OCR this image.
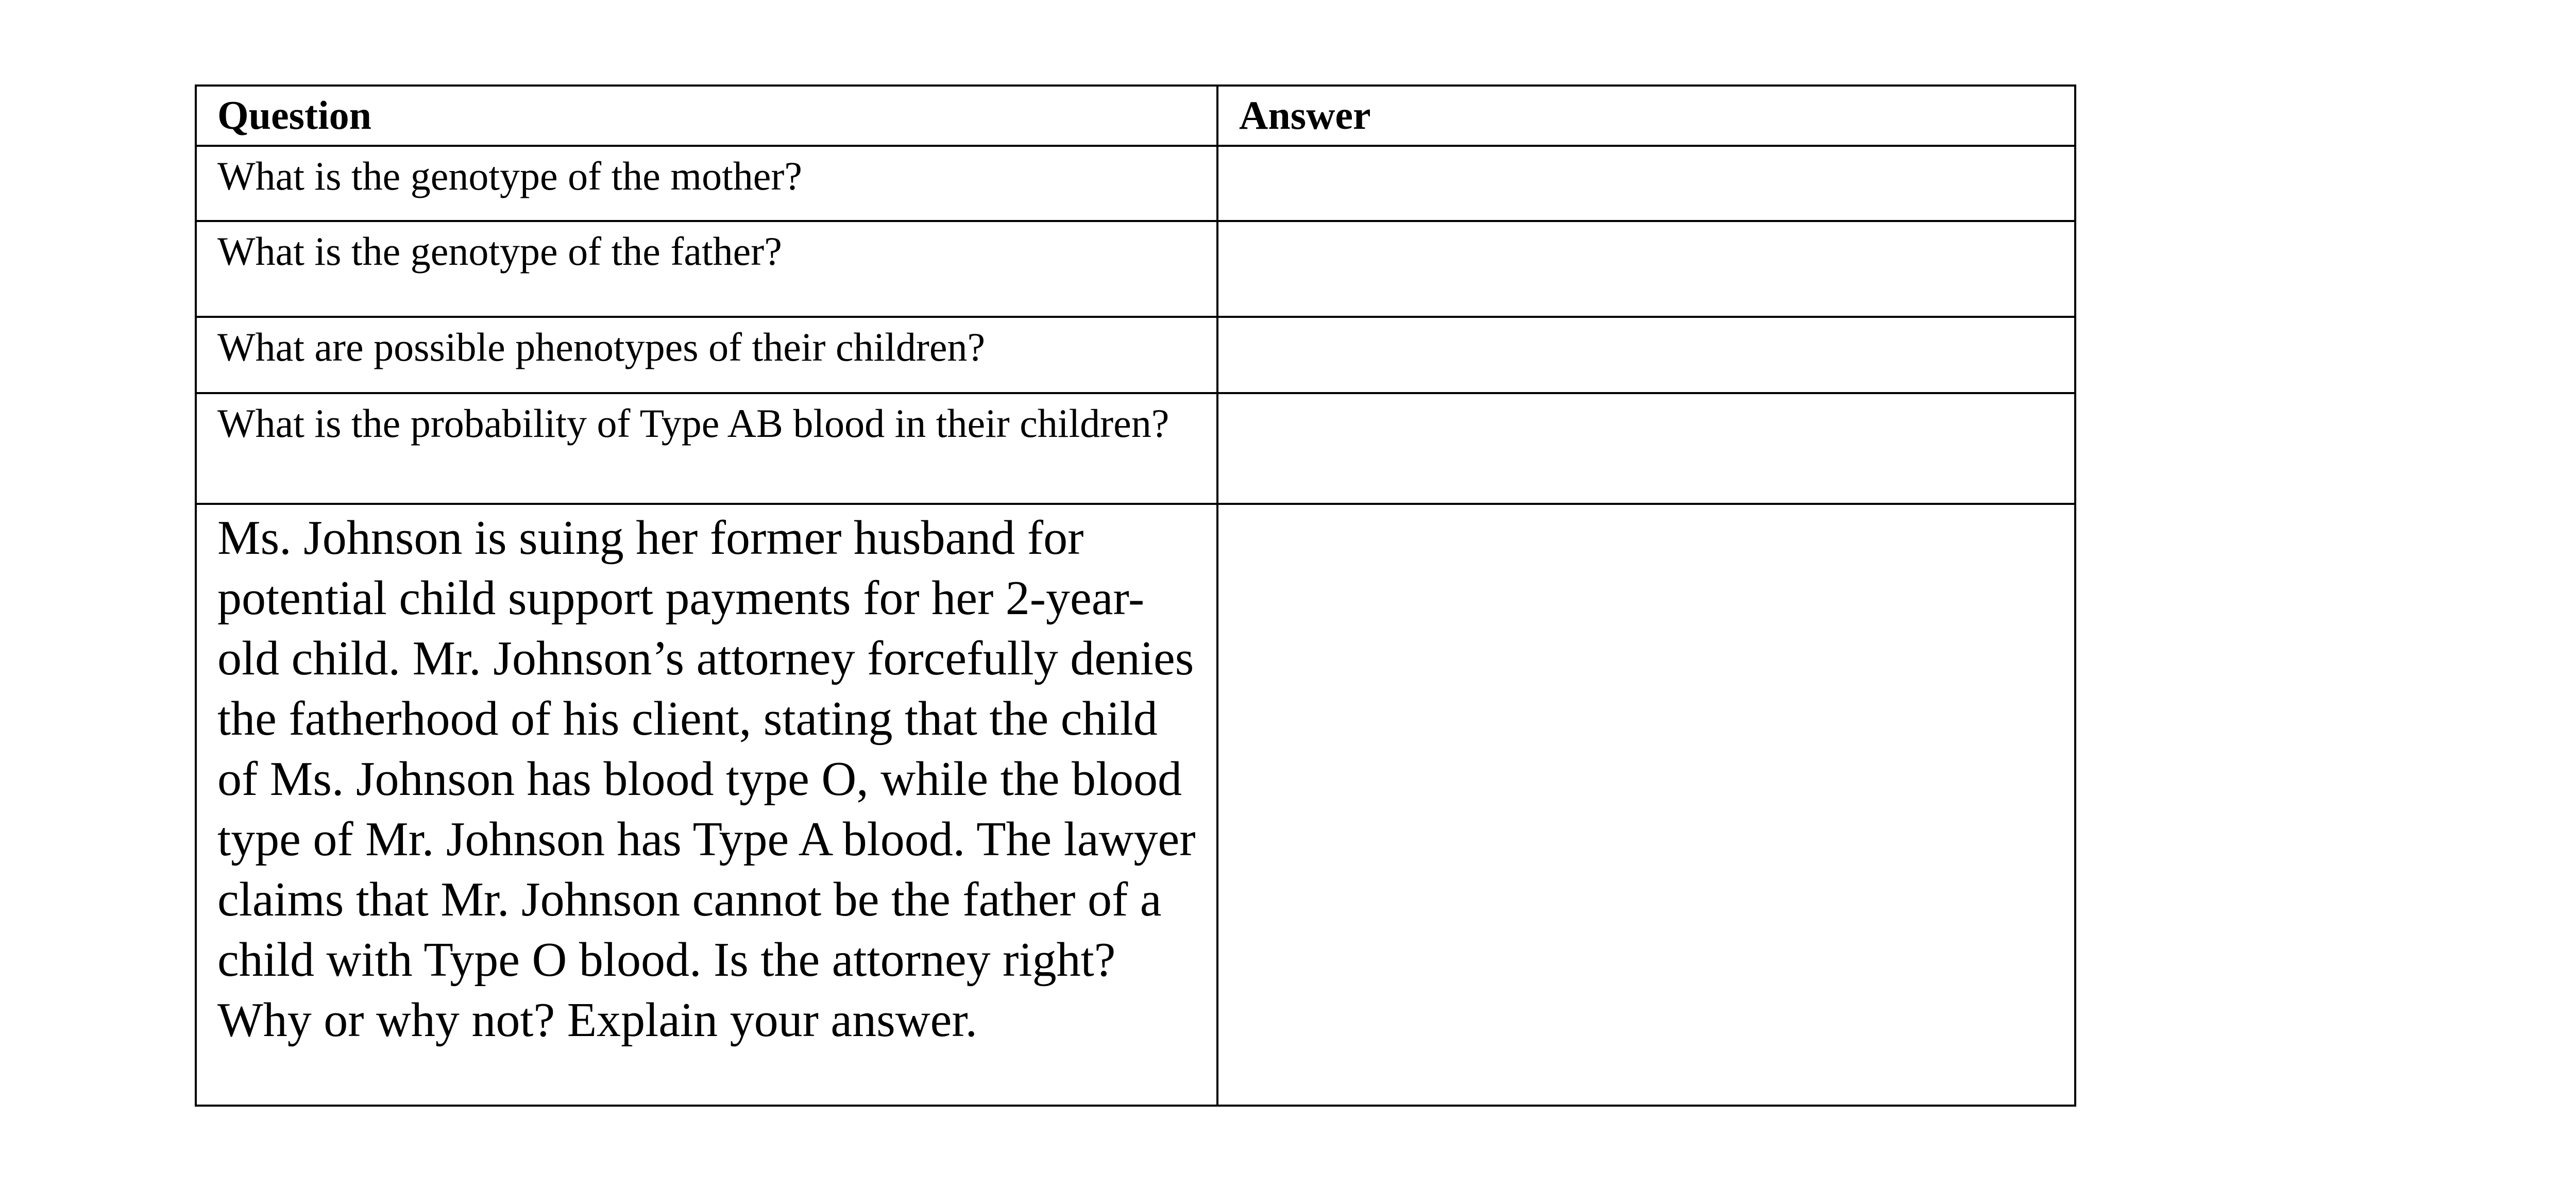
Question	Answer
What is the genotype of the mother?	
What is the genotype of the father?	
What are possible phenotypes of their children?	
What is the probability of Type AB blood in their children?	
Ms. Johnson is suing her former husband for potential child support payments for her 2-year-old child. Mr. Johnson’s attorney forcefully denies the fatherhood of his client, stating that the child of Ms. Johnson has blood type O, while the blood type of Mr. Johnson has Type A blood. The lawyer claims that Mr. Johnson cannot be the father of a child with Type O blood. Is the attorney right? Why or why not? Explain your answer.	
